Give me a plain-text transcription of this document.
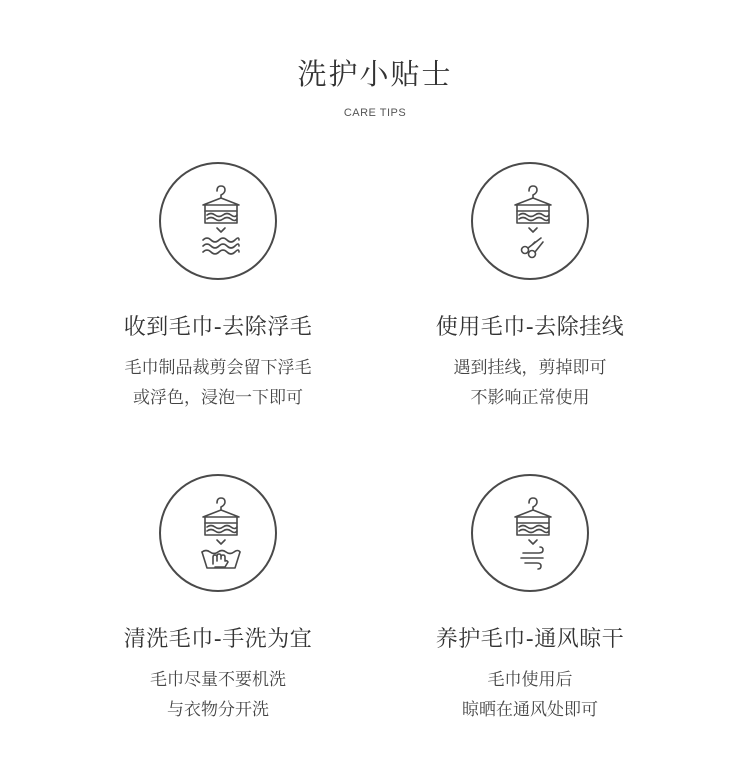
洗护小贴士
CARE TIPS
收到毛巾-去除浮毛
毛巾制品裁剪会留下浮毛
或浮色，浸泡一下即可
使用毛巾-去除挂线
遇到挂线，剪掉即可
不影响正常使用
清洗毛巾-手洗为宜
毛巾尽量不要机洗
与衣物分开洗
养护毛巾-通风晾干
毛巾使用后
晾晒在通风处即可
